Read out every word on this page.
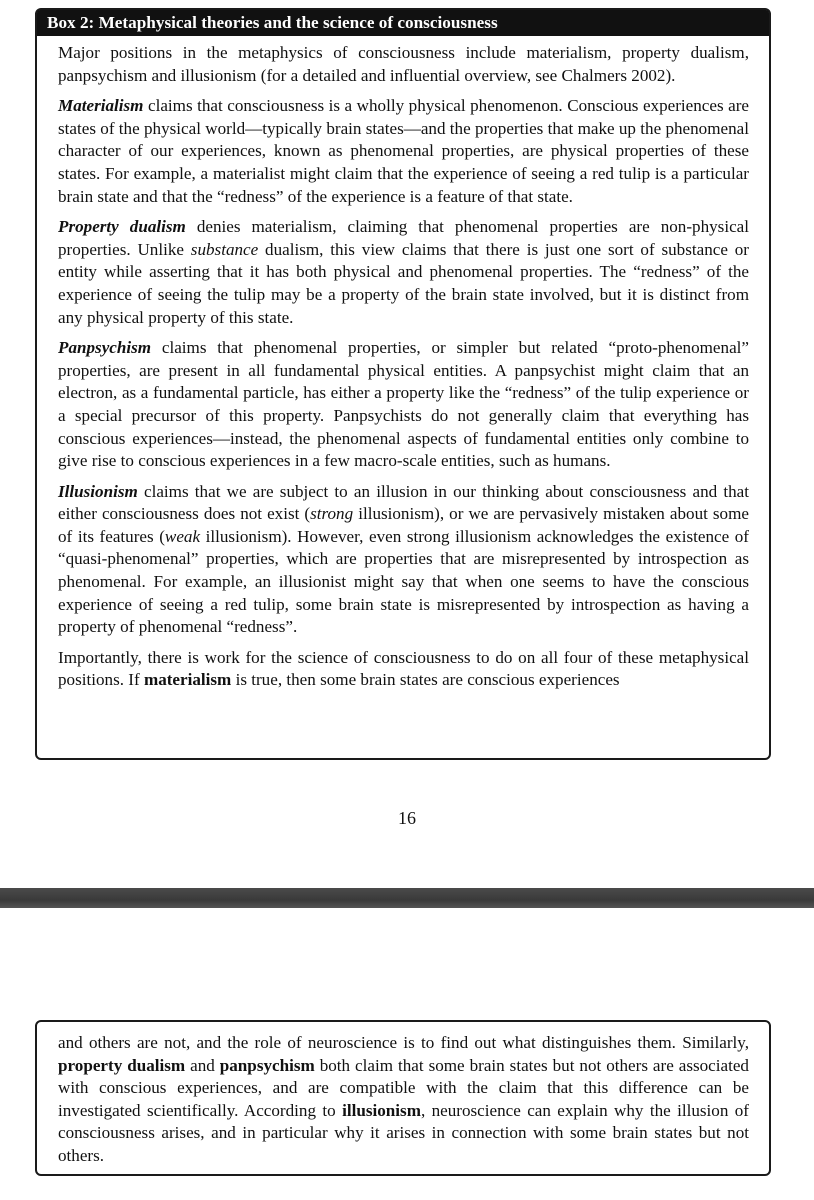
Box 2: Metaphysical theories and the science of consciousness

Major positions in the metaphysics of consciousness include materialism, property dualism, panpsychism and illusionism (for a detailed and influential overview, see Chalmers 2002).

Materialism claims that consciousness is a wholly physical phenomenon. Conscious experiences are states of the physical world—typically brain states—and the properties that make up the phenomenal character of our experiences, known as phenomenal properties, are physical properties of these states. For example, a materialist might claim that the experience of seeing a red tulip is a particular brain state and that the “redness” of the experience is a feature of that state.

Property dualism denies materialism, claiming that phenomenal properties are non-physical properties. Unlike substance dualism, this view claims that there is just one sort of substance or entity while asserting that it has both physical and phenomenal properties. The “redness” of the experience of seeing the tulip may be a property of the brain state involved, but it is distinct from any physical property of this state.

Panpsychism claims that phenomenal properties, or simpler but related “proto-phenomenal” properties, are present in all fundamental physical entities. A panpsychist might claim that an electron, as a fundamental particle, has either a property like the “redness” of the tulip experience or a special precursor of this property. Panpsychists do not generally claim that everything has conscious experiences—instead, the phenomenal aspects of fundamental entities only combine to give rise to conscious experiences in a few macro-scale entities, such as humans.

Illusionism claims that we are subject to an illusion in our thinking about consciousness and that either consciousness does not exist (strong illusionism), or we are pervasively mistaken about some of its features (weak illusionism). However, even strong illusionism acknowledges the existence of “quasi-phenomenal” properties, which are properties that are misrepresented by introspection as phenomenal. For example, an illusionist might say that when one seems to have the conscious experience of seeing a red tulip, some brain state is misrepresented by introspection as having a property of phenomenal “redness”.

Importantly, there is work for the science of consciousness to do on all four of these metaphysical positions. If materialism is true, then some brain states are conscious experiences

16

and others are not, and the role of neuroscience is to find out what distinguishes them. Similarly, property dualism and panpsychism both claim that some brain states but not others are associated with conscious experiences, and are compatible with the claim that this difference can be investigated scientifically. According to illusionism, neuroscience can explain why the illusion of consciousness arises, and in particular why it arises in connection with some brain states but not others.
